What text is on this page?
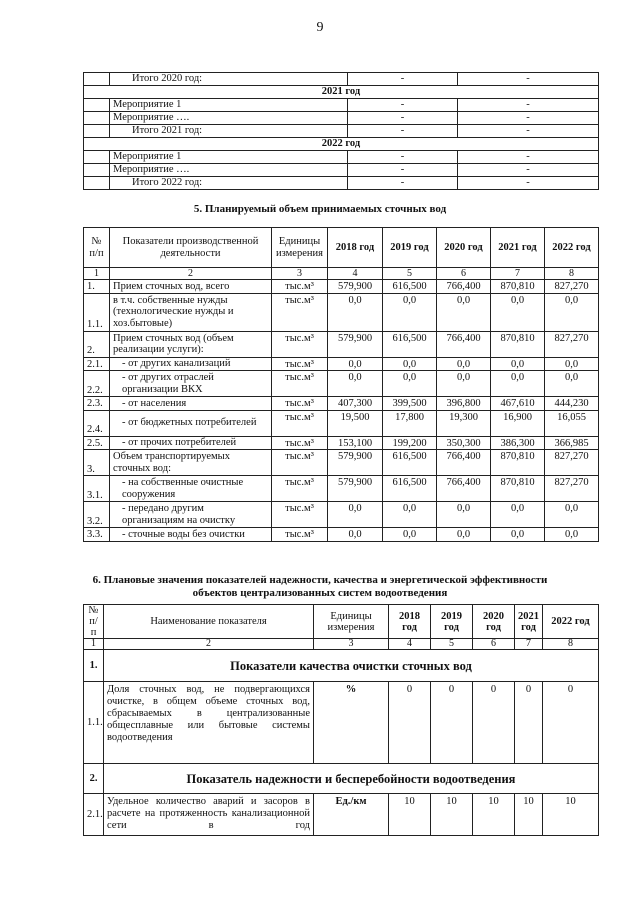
9
	Итого 2020 год:	-	-
2021 год			
	Мероприятие 1	-	-
	Мероприятие ….	-	-
	Итого 2021 год:	-	-
2022 год			
	Мероприятие 1	-	-
	Мероприятие ….	-	-
	Итого 2022 год:	-	-
5. Планируемый объем принимаемых сточных вод
№ п/п	Показатели производственной деятельности	Единицы измерения	2018 год	2019 год	2020 год	2021 год	2022 год
1	2	3	4	5	6	7	8
1.	Прием сточных вод, всего	тыс.м³	579,900	616,500	766,400	870,810	827,270
1.1.	в т.ч. собственные нужды (технологические нужды и хоз.бытовые)	тыс.м³	0,0	0,0	0,0	0,0	0,0
2.	Прием сточных вод (объем реализации услуги):	тыс.м³	579,900	616,500	766,400	870,810	827,270
2.1.	- от других канализаций	тыс.м³	0,0	0,0	0,0	0,0	0,0
2.2.	- от других отраслей организации ВКХ	тыс.м³	0,0	0,0	0,0	0,0	0,0
2.3.	- от населения	тыс.м³	407,300	399,500	396,800	467,610	444,230
2.4.	- от бюджетных потребителей	тыс.м³	19,500	17,800	19,300	16,900	16,055
2.5.	- от прочих потребителей	тыс.м³	153,100	199,200	350,300	386,300	366,985
3.	Объем транспортируемых сточных вод:	тыс.м³	579,900	616,500	766,400	870,810	827,270
3.1.	- на собственные очистные сооружения	тыс.м³	579,900	616,500	766,400	870,810	827,270
3.2.	- передано другим организациям на очистку	тыс.м³	0,0	0,0	0,0	0,0	0,0
3.3.	- сточные воды без очистки	тыс.м³	0,0	0,0	0,0	0,0	0,0
6. Плановые значения показателей надежности, качества и энергетической эффективности
объектов централизованных систем водоотведения
№ п/п	Наименование показателя	Единицы измерения	2018 год	2019 год	2020 год	2021 год	2022 год
1	2	3	4	5	6	7	8
1.	Показатели качества очистки сточных вод						
1.1.	Доля сточных вод, не подвергающихся очистке, в общем объеме сточных вод, сбрасываемых в централизованные общесплавные или бытовые системы водоотведения	%	0	0	0	0	0
2.	Показатель надежности и бесперебойности водоотведения						
2.1.	Удельное количество аварий и засоров в расчете на протяженность канализационной сети в год	Ед./км	10	10	10	10	10
